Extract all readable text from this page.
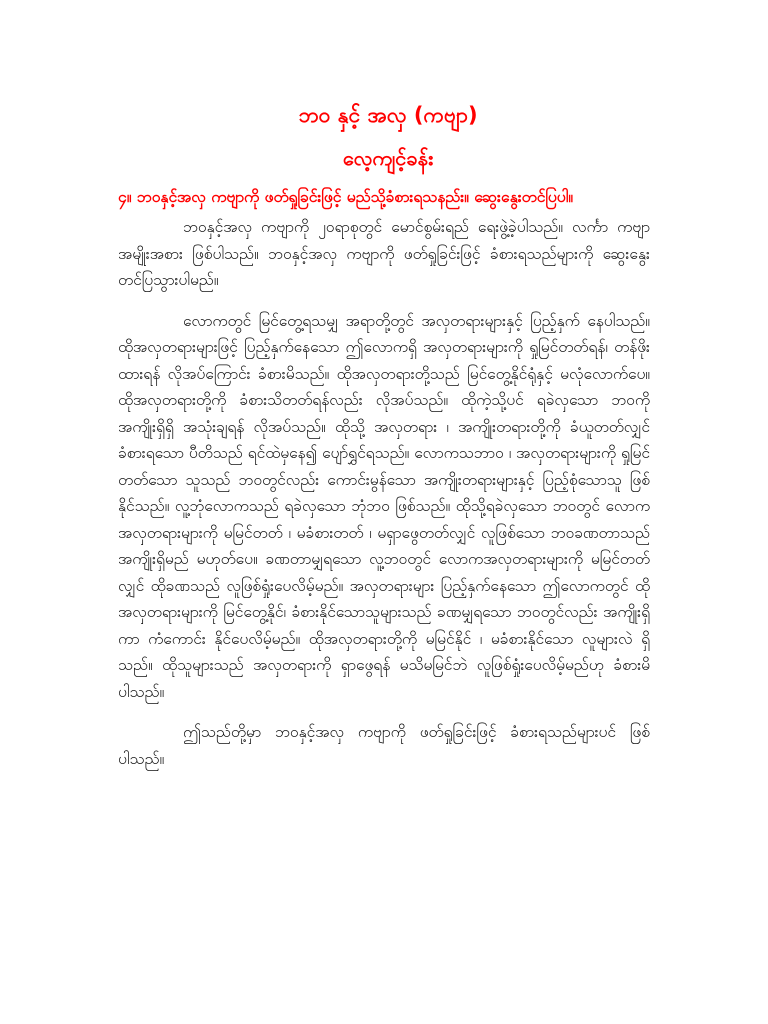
ဘဝ နှင့် အလှ (ကဗျာ)
လေ့ကျင့်ခန်း
၄။ ဘဝနှင့်အလှ ကဗျာကို ဖတ်ရှုခြင်းဖြင့် မည်သို့ခံစားရသနည်း။ ဆွေးနွေးတင်ပြပါ။

ဘဝနှင့်အလှ ကဗျာကို ၂၀ရာစုတွင် မောင်စွမ်းရည် ရေးဖွဲ့ခဲ့ပါသည်။ လင်္ကာ ကဗျာ အမျိုးအစား ဖြစ်ပါသည်။ ဘဝနှင့်အလှ ကဗျာကို ဖတ်ရှုခြင်းဖြင့် ခံစားရသည်များကို ဆွေးနွေး တင်ပြသွားပါမည်။

လောကတွင် မြင်တွေ့ရသမျှ အရာတို့တွင် အလှတရားများနှင့် ပြည့်နှက် နေပါသည်။ ထိုအလှတရားများဖြင့် ပြည့်နှက်နေသော ဤလောကရှိ အလှတရားများကို ရှုမြင်တတ်ရန်၊ တန်ဖိုးထားရန် လိုအပ်ကြောင်း ခံစားမိသည်။ ထိုအလှတရားတို့သည် မြင်တွေ့နိုင်ရုံနှင့် မလုံလောက်ပေ။ ထိုအလှတရားတို့ကို ခံစားသိတတ်ရန်လည်း လိုအပ်သည်။ ထိုကဲ့သို့ပင် ရခဲလှသော ဘဝကို အကျိုးရှိရှိ အသုံးချရန် လိုအပ်သည်။ ထိုသို့ အလှတရား ၊ အကျိုးတရားတို့ကို ခံယူတတ်လျှင် ခံစားရသော ပီတိသည် ရင်ထဲမှနေ၍ ပျော်ရွှင်ရသည်။ လောကသဘာဝ ၊ အလှတရားများကို ရှုမြင်တတ်သော သူသည် ဘဝတွင်လည်း ကောင်းမွန်သော အကျိုးတရားများနှင့် ပြည့်စုံသောသူ ဖြစ်နိုင်သည်။ လူ့ဘုံလောကသည် ရခဲလှသော ဘုံဘဝ ဖြစ်သည်။ ထိုသို့ရခဲလှသော ဘဝတွင် လောကအလှတရားများကို မမြင်တတ် ၊ မခံစားတတ် ၊ မရှာဖွေတတ်လျှင် လူဖြစ်သော ဘဝခဏတာသည် အကျိုးရှိမည် မဟုတ်ပေ။ ခဏတာမျှရသော လူ့ဘဝတွင် လောကအလှတရားများကို မမြင်တတ်လျှင် ထိုခဏသည် လူဖြစ်ရှုံးပေလိမ့်မည်။ အလှတရားများ ပြည့်နှက်နေသော ဤလောကတွင် ထိုအလှတရားများကို မြင်တွေ့နိုင်၊ ခံစားနိုင်သောသူများသည် ခဏမျှရသော ဘဝတွင်လည်း အကျိုးရှိကာ ကံကောင်း နိုင်ပေလိမ့်မည်။ ထိုအလှတရားတို့ကို မမြင်နိုင် ၊ မခံစားနိုင်သော လူများလဲ ရှိသည်။ ထိုသူများသည် အလှတရားကို ရှာဖွေရန် မသိမမြင်ဘဲ လူဖြစ်ရှုံးပေလိမ့်မည်ဟု ခံစားမိပါသည်။

ဤသည်တို့မှာ ဘဝနှင့်အလှ ကဗျာကို ဖတ်ရှုခြင်းဖြင့် ခံစားရသည်များပင် ဖြစ်ပါသည်။
